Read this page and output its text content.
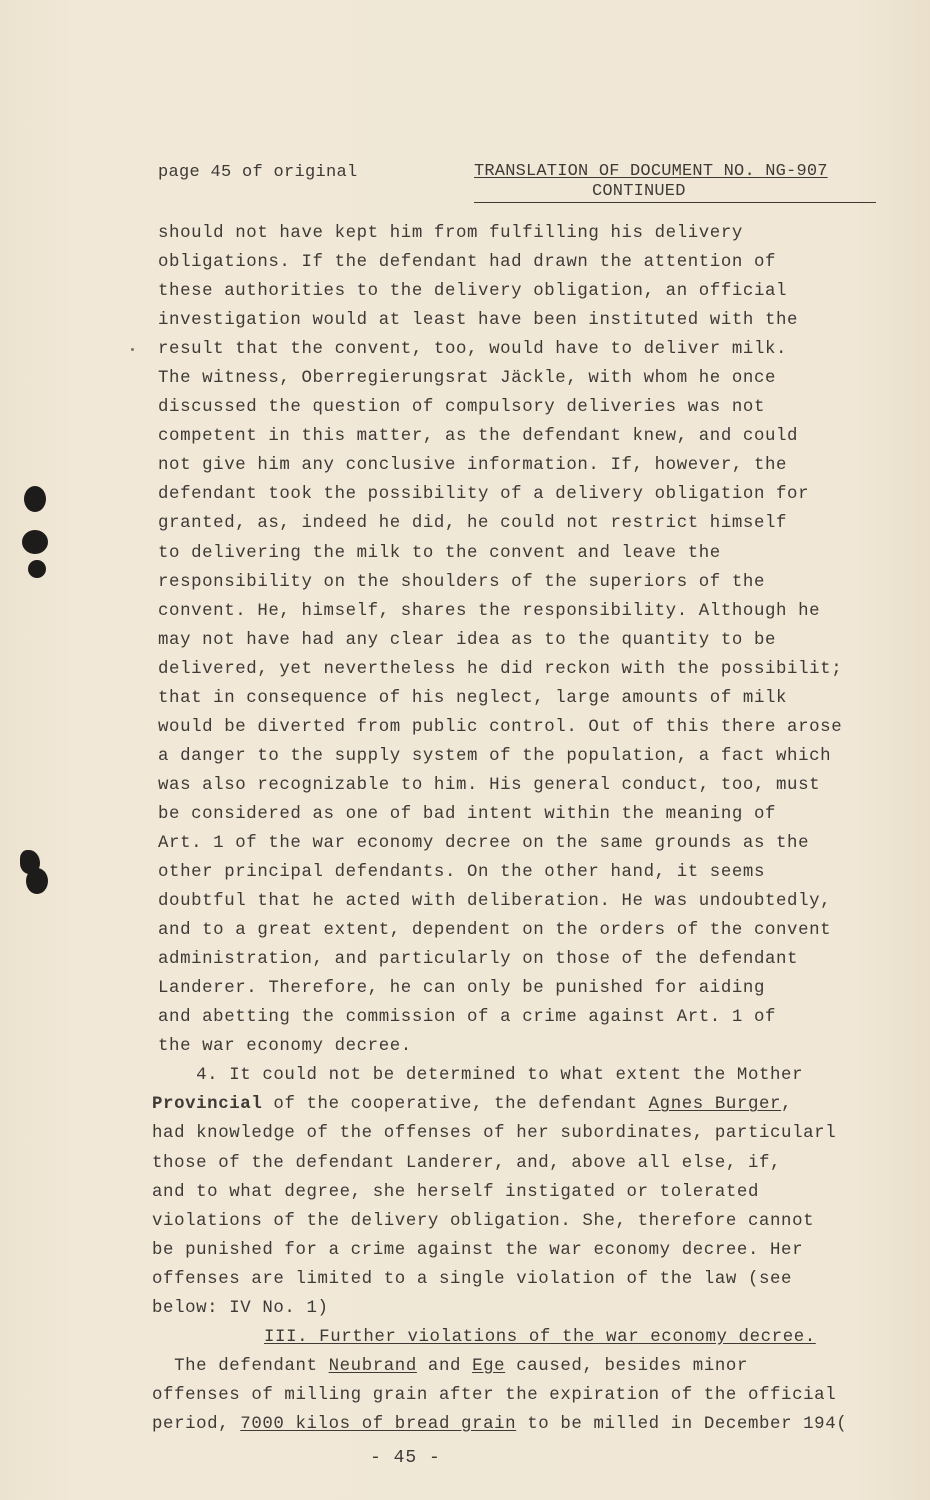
page 45 of original	TRANSLATION OF DOCUMENT NO. NG-907
CONTINUED
should not have kept him from fulfilling his delivery
obligations. If the defendant had drawn the attention of
these authorities to the delivery obligation, an official
investigation would at least have been instituted with the
result that the convent, too, would have to deliver milk.
The witness, Oberregierungsrat Jäckle, with whom he once
discussed the question of compulsory deliveries was not
competent in this matter, as the defendant knew, and could
not give him any conclusive information. If, however, the
defendant took the possibility of a delivery obligation for
granted, as, indeed he did, he could not restrict himself
to delivering the milk to the convent and leave the
responsibility on the shoulders of the superiors of the
convent. He, himself, shares the responsibility. Although he
may not have had any clear idea as to the quantity to be
delivered, yet nevertheless he did reckon with the possibilit;
that in consequence of his neglect, large amounts of milk
would be diverted from public control. Out of this there arose
a danger to the supply system of the population, a fact which
was also recognizable to him. His general conduct, too, must
be considered as one of bad intent within the meaning of
Art. 1 of the war economy decree on the same grounds as the
other principal defendants. On the other hand, it seems
doubtful that he acted with deliberation. He was undoubtedly,
and to a great extent, dependent on the orders of the convent
administration, and particularly on those of the defendant
Landerer. Therefore, he can only be punished for aiding
and abetting the commission of a crime against Art. 1 of
the war economy decree.
4. It could not be determined to what extent the Mother
Provincial of the cooperative, the defendant Agnes Burger,
had knowledge of the offenses of her subordinates, particularl
those of the defendant Landerer, and, above all else, if,
and to what degree, she herself instigated or tolerated
violations of the delivery obligation. She, therefore cannot
be punished for a crime against the war economy decree. Her
offenses are limited to a single violation of the law (see
below: IV No. 1)
III. Further violations of the war economy decree.
The defendant Neubrand and Ege caused, besides minor
offenses of milling grain after the expiration of the official
period, 7000 kilos of bread grain to be milled in December 194(
- 45 -
